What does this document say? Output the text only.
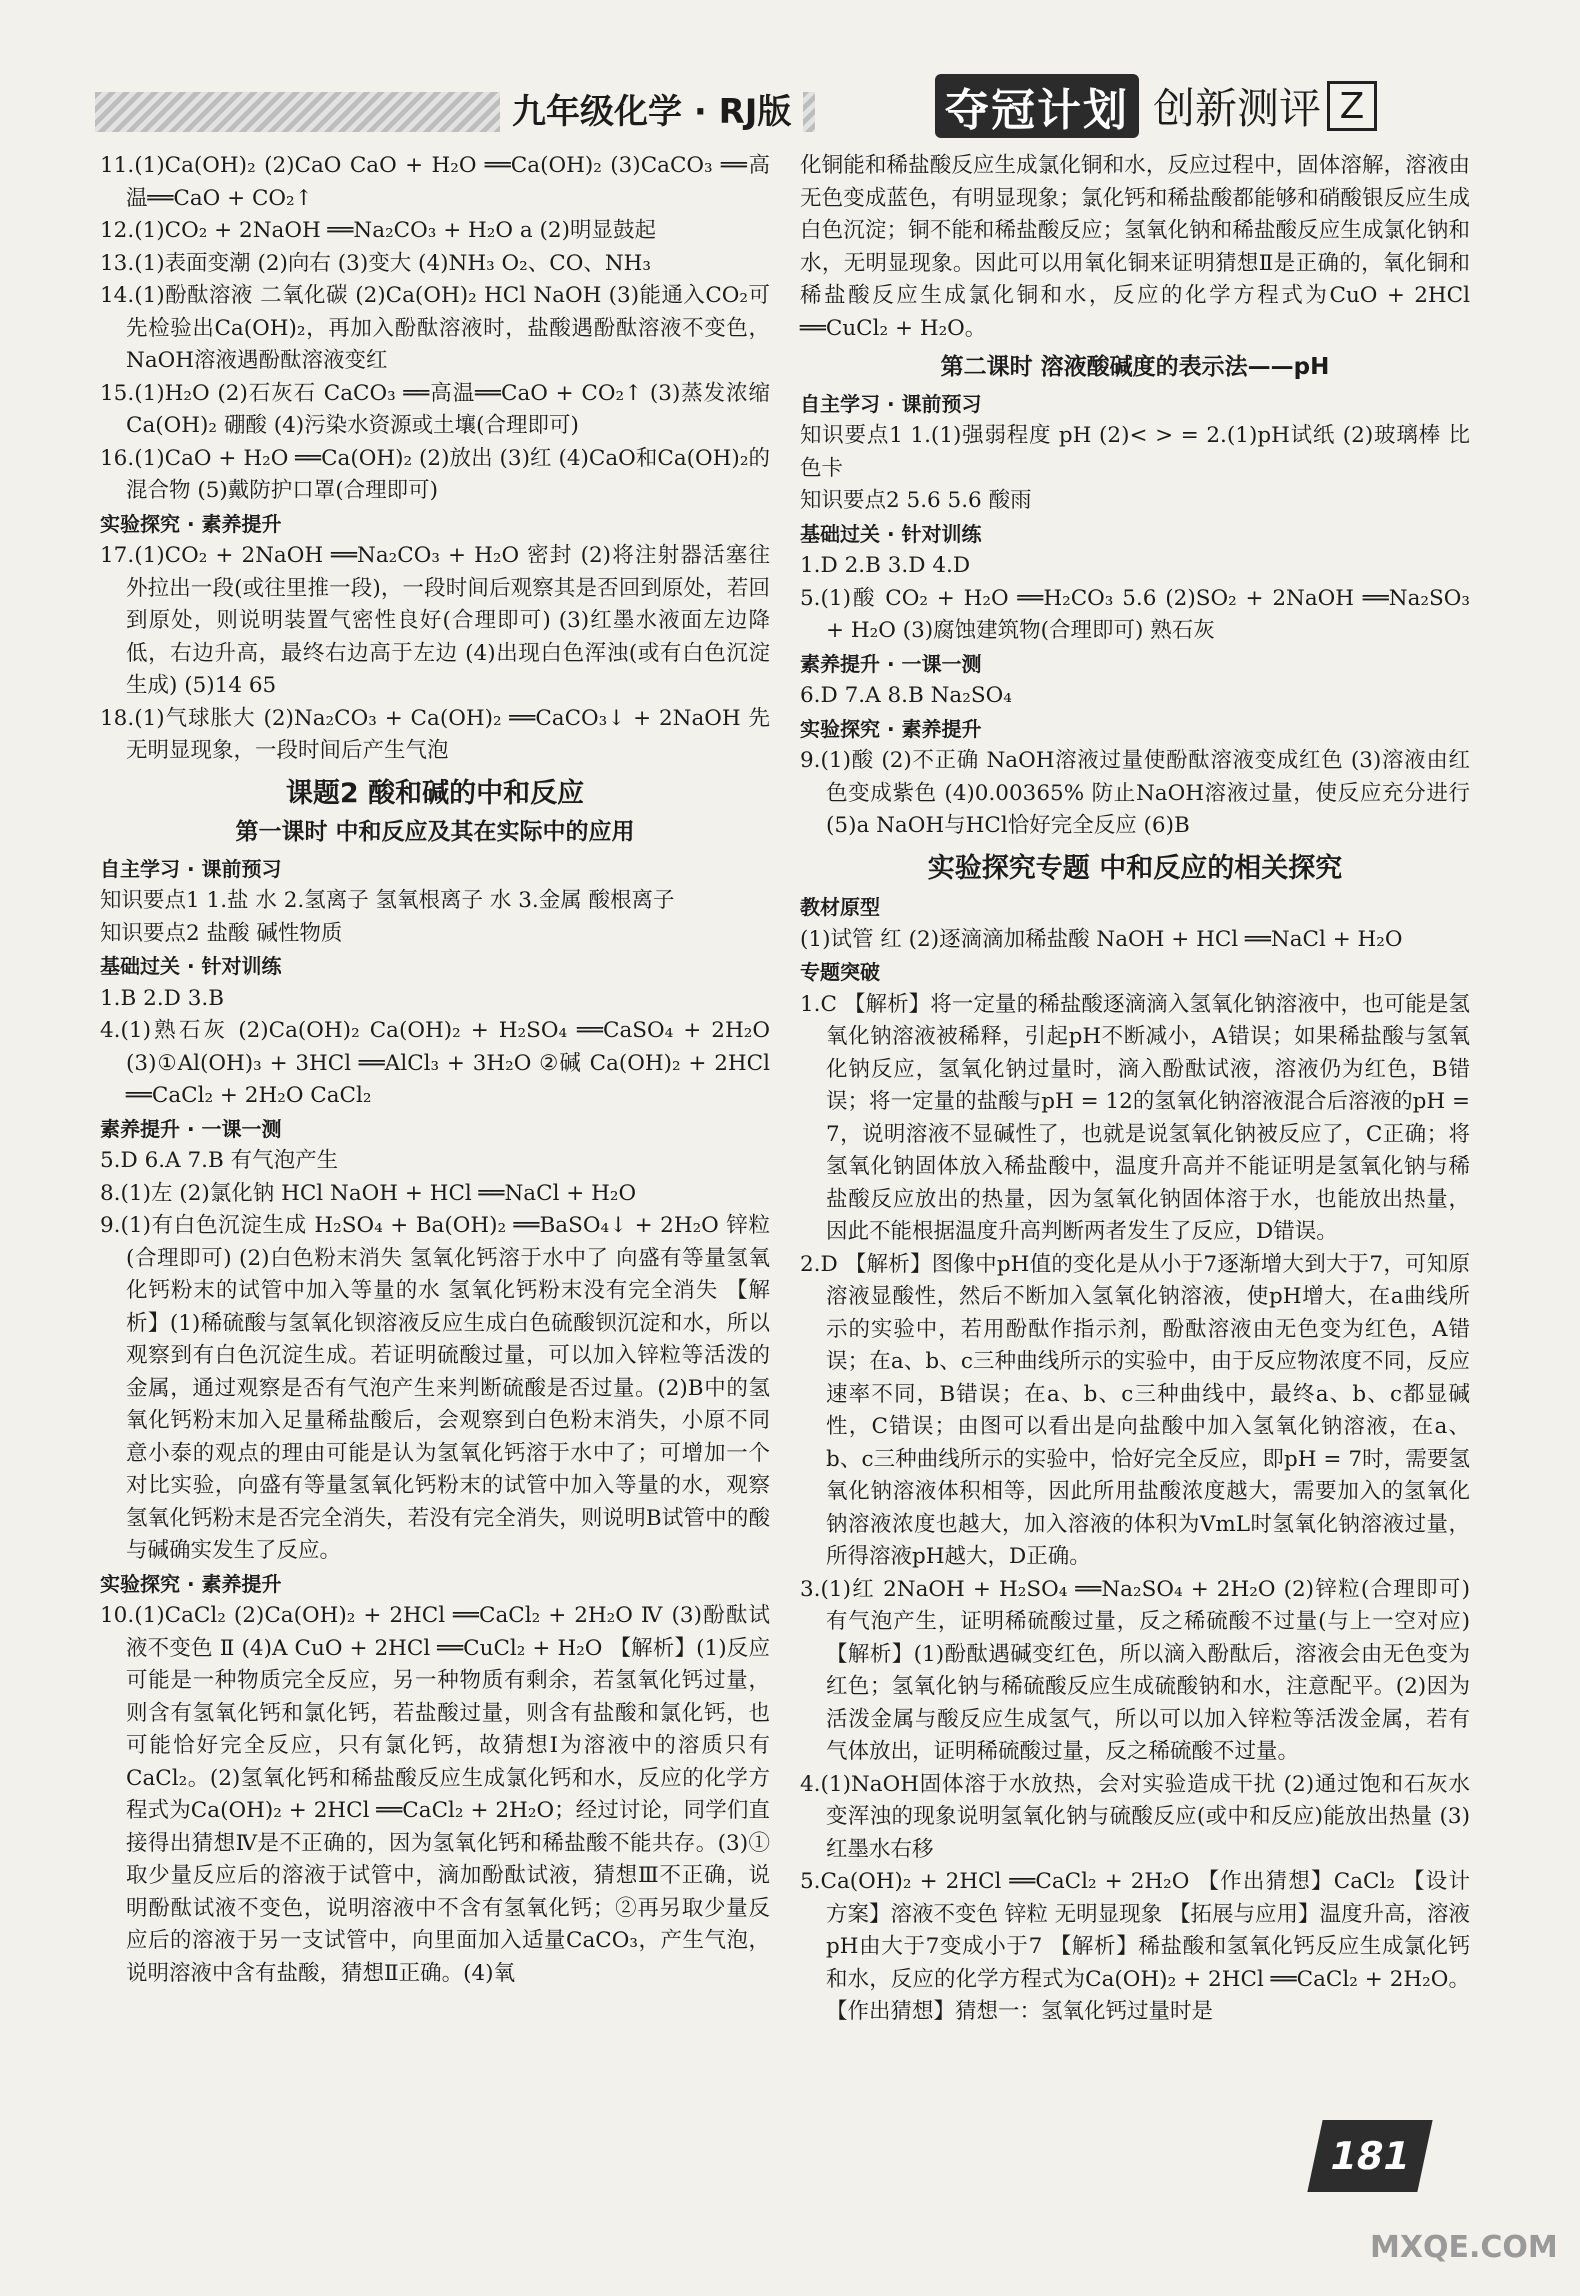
九年级化学 · RJ版	夺冠计划 创新测评 Z

11.(1)Ca(OH)₂ (2)CaO CaO + H₂O ══Ca(OH)₂ (3)CaCO₃ ══高温══CaO + CO₂↑

12.(1)CO₂ + 2NaOH ══Na₂CO₃ + H₂O a (2)明显鼓起

13.(1)表面变潮 (2)向右 (3)变大 (4)NH₃ O₂、CO、NH₃

14.(1)酚酞溶液 二氧化碳 (2)Ca(OH)₂ HCl NaOH (3)能通入CO₂可先检验出Ca(OH)₂，再加入酚酞溶液时，盐酸遇酚酞溶液不变色，NaOH溶液遇酚酞溶液变红

15.(1)H₂O (2)石灰石 CaCO₃ ══高温══CaO + CO₂↑ (3)蒸发浓缩 Ca(OH)₂ 硼酸 (4)污染水资源或土壤(合理即可)

16.(1)CaO + H₂O ══Ca(OH)₂ (2)放出 (3)红 (4)CaO和Ca(OH)₂的混合物 (5)戴防护口罩(合理即可)

实验探究 · 素养提升

17.(1)CO₂ + 2NaOH ══Na₂CO₃ + H₂O 密封 (2)将注射器活塞往外拉出一段(或往里推一段)，一段时间后观察其是否回到原处，若回到原处，则说明装置气密性良好(合理即可) (3)红墨水液面左边降低，右边升高，最终右边高于左边 (4)出现白色浑浊(或有白色沉淀生成) (5)14 65

18.(1)气球胀大 (2)Na₂CO₃ + Ca(OH)₂ ══CaCO₃↓ + 2NaOH 先无明显现象，一段时间后产生气泡

课题2 酸和碱的中和反应

第一课时 中和反应及其在实际中的应用

自主学习 · 课前预习

知识要点1 1.盐 水 2.氢离子 氢氧根离子 水 3.金属 酸根离子

知识要点2 盐酸 碱性物质

基础过关 · 针对训练

1.B 2.D 3.B

4.(1)熟石灰 (2)Ca(OH)₂ Ca(OH)₂ + H₂SO₄ ══CaSO₄ + 2H₂O (3)①Al(OH)₃ + 3HCl ══AlCl₃ + 3H₂O ②碱 Ca(OH)₂ + 2HCl ══CaCl₂ + 2H₂O CaCl₂

素养提升 · 一课一测

5.D 6.A 7.B 有气泡产生

8.(1)左 (2)氯化钠 HCl NaOH + HCl ══NaCl + H₂O

9.(1)有白色沉淀生成 H₂SO₄ + Ba(OH)₂ ══BaSO₄↓ + 2H₂O 锌粒(合理即可) (2)白色粉末消失 氢氧化钙溶于水中了 向盛有等量氢氧化钙粉末的试管中加入等量的水 氢氧化钙粉末没有完全消失 【解析】(1)稀硫酸与氢氧化钡溶液反应生成白色硫酸钡沉淀和水，所以观察到有白色沉淀生成。若证明硫酸过量，可以加入锌粒等活泼的金属，通过观察是否有气泡产生来判断硫酸是否过量。(2)B中的氢氧化钙粉末加入足量稀盐酸后，会观察到白色粉末消失，小原不同意小泰的观点的理由可能是认为氢氧化钙溶于水中了；可增加一个对比实验，向盛有等量氢氧化钙粉末的试管中加入等量的水，观察氢氧化钙粉末是否完全消失，若没有完全消失，则说明B试管中的酸与碱确实发生了反应。

实验探究 · 素养提升

10.(1)CaCl₂ (2)Ca(OH)₂ + 2HCl ══CaCl₂ + 2H₂O Ⅳ (3)酚酞试液不变色 Ⅱ (4)A CuO + 2HCl ══CuCl₂ + H₂O 【解析】(1)反应可能是一种物质完全反应，另一种物质有剩余，若氢氧化钙过量，则含有氢氧化钙和氯化钙，若盐酸过量，则含有盐酸和氯化钙，也可能恰好完全反应，只有氯化钙，故猜想Ⅰ为溶液中的溶质只有CaCl₂。(2)氢氧化钙和稀盐酸反应生成氯化钙和水，反应的化学方程式为Ca(OH)₂ + 2HCl ══CaCl₂ + 2H₂O；经过讨论，同学们直接得出猜想Ⅳ是不正确的，因为氢氧化钙和稀盐酸不能共存。(3)①取少量反应后的溶液于试管中，滴加酚酞试液，猜想Ⅲ不正确，说明酚酞试液不变色，说明溶液中不含有氢氧化钙；②再另取少量反应后的溶液于另一支试管中，向里面加入适量CaCO₃，产生气泡，说明溶液中含有盐酸，猜想Ⅱ正确。(4)氧

化铜能和稀盐酸反应生成氯化铜和水，反应过程中，固体溶解，溶液由无色变成蓝色，有明显现象；氯化钙和稀盐酸都能够和硝酸银反应生成白色沉淀；铜不能和稀盐酸反应；氢氧化钠和稀盐酸反应生成氯化钠和水，无明显现象。因此可以用氧化铜来证明猜想Ⅱ是正确的，氧化铜和稀盐酸反应生成氯化铜和水，反应的化学方程式为CuO + 2HCl ══CuCl₂ + H₂O。

第二课时 溶液酸碱度的表示法——pH

自主学习 · 课前预习

知识要点1 1.(1)强弱程度 pH (2)< > = 2.(1)pH试纸 (2)玻璃棒 比色卡

知识要点2 5.6 5.6 酸雨

基础过关 · 针对训练

1.D 2.B 3.D 4.D

5.(1)酸 CO₂ + H₂O ══H₂CO₃ 5.6 (2)SO₂ + 2NaOH ══Na₂SO₃ + H₂O (3)腐蚀建筑物(合理即可) 熟石灰

素养提升 · 一课一测

6.D 7.A 8.B Na₂SO₄

实验探究 · 素养提升

9.(1)酸 (2)不正确 NaOH溶液过量使酚酞溶液变成红色 (3)溶液由红色变成紫色 (4)0.00365% 防止NaOH溶液过量，使反应充分进行 (5)a NaOH与HCl恰好完全反应 (6)B

实验探究专题 中和反应的相关探究

教材原型

(1)试管 红 (2)逐滴滴加稀盐酸 NaOH + HCl ══NaCl + H₂O

专题突破

1.C 【解析】将一定量的稀盐酸逐滴滴入氢氧化钠溶液中，也可能是氢氧化钠溶液被稀释，引起pH不断减小，A错误；如果稀盐酸与氢氧化钠反应，氢氧化钠过量时，滴入酚酞试液，溶液仍为红色，B错误；将一定量的盐酸与pH = 12的氢氧化钠溶液混合后溶液的pH = 7，说明溶液不显碱性了，也就是说氢氧化钠被反应了，C正确；将氢氧化钠固体放入稀盐酸中，温度升高并不能证明是氢氧化钠与稀盐酸反应放出的热量，因为氢氧化钠固体溶于水，也能放出热量，因此不能根据温度升高判断两者发生了反应，D错误。

2.D 【解析】图像中pH值的变化是从小于7逐渐增大到大于7，可知原溶液显酸性，然后不断加入氢氧化钠溶液，使pH增大，在a曲线所示的实验中，若用酚酞作指示剂，酚酞溶液由无色变为红色，A错误；在a、b、c三种曲线所示的实验中，由于反应物浓度不同，反应速率不同，B错误；在a、b、c三种曲线中，最终a、b、c都显碱性，C错误；由图可以看出是向盐酸中加入氢氧化钠溶液，在a、b、c三种曲线所示的实验中，恰好完全反应，即pH = 7时，需要氢氧化钠溶液体积相等，因此所用盐酸浓度越大，需要加入的氢氧化钠溶液浓度也越大，加入溶液的体积为VmL时氢氧化钠溶液过量，所得溶液pH越大，D正确。

3.(1)红 2NaOH + H₂SO₄ ══Na₂SO₄ + 2H₂O (2)锌粒(合理即可) 有气泡产生，证明稀硫酸过量，反之稀硫酸不过量(与上一空对应) 【解析】(1)酚酞遇碱变红色，所以滴入酚酞后，溶液会由无色变为红色；氢氧化钠与稀硫酸反应生成硫酸钠和水，注意配平。(2)因为活泼金属与酸反应生成氢气，所以可以加入锌粒等活泼金属，若有气体放出，证明稀硫酸过量，反之稀硫酸不过量。

4.(1)NaOH固体溶于水放热，会对实验造成干扰 (2)通过饱和石灰水变浑浊的现象说明氢氧化钠与硫酸反应(或中和反应)能放出热量 (3)红墨水右移

5.Ca(OH)₂ + 2HCl ══CaCl₂ + 2H₂O 【作出猜想】CaCl₂ 【设计方案】溶液不变色 锌粒 无明显现象 【拓展与应用】温度升高，溶液pH由大于7变成小于7 【解析】稀盐酸和氢氧化钙反应生成氯化钙和水，反应的化学方程式为Ca(OH)₂ + 2HCl ══CaCl₂ + 2H₂O。【作出猜想】猜想一：氢氧化钙过量时是

181
MXQE.COM
